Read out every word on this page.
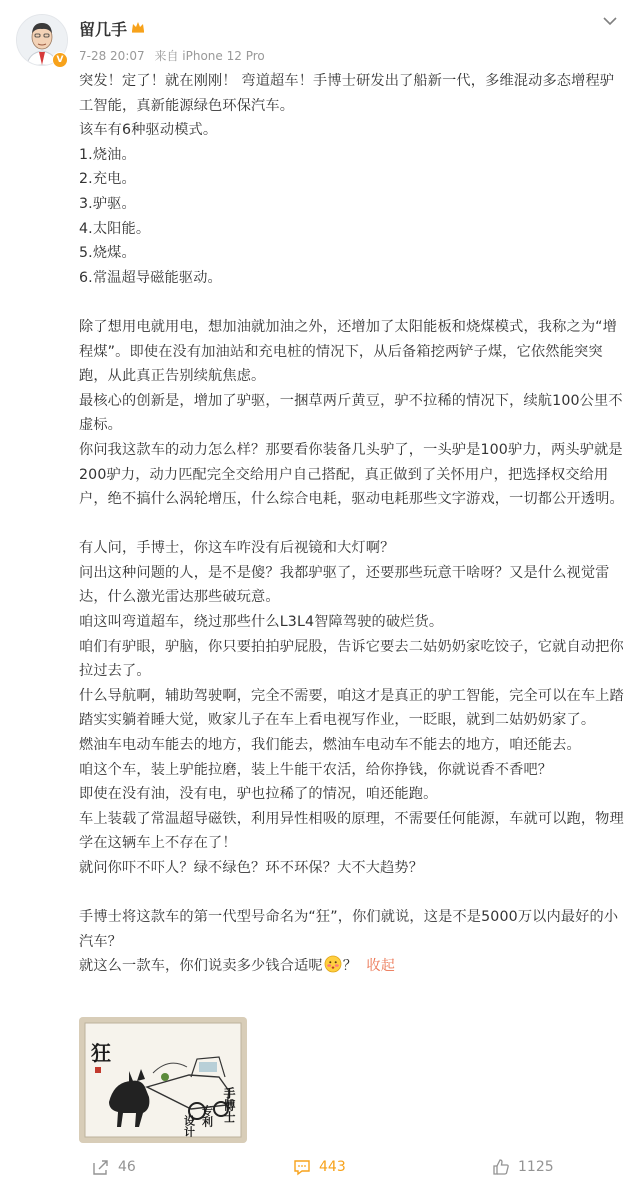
V
留几手
7-28 20:07 来自 iPhone 12 Pro

突发！定了！就在刚刚！ 弯道超车！手博士研发出了船新一代，多维混动多态增程驴工智能，真新能源绿色环保汽车。

该车有6种驱动模式。

1.烧油。

2.充电。

3.驴驱。

4.太阳能。

5.烧煤。

6.常温超导磁能驱动。

除了想用电就用电，想加油就加油之外，还增加了太阳能板和烧煤模式，我称之为“增程煤”。即使在没有加油站和充电桩的情况下，从后备箱挖两铲子煤，它依然能突突跑，从此真正告别续航焦虑。

最核心的创新是，增加了驴驱，一捆草两斤黄豆，驴不拉稀的情况下，续航100公里不虚标。

你问我这款车的动力怎么样？那要看你装备几头驴了，一头驴是100驴力，两头驴就是200驴力，动力匹配完全交给用户自己搭配，真正做到了关怀用户，把选择权交给用户，绝不搞什么涡轮增压，什么综合电耗，驱动电耗那些文字游戏，一切都公开透明。

有人问，手博士，你这车咋没有后视镜和大灯啊？

问出这种问题的人，是不是傻？我都驴驱了，还要那些玩意干啥呀？又是什么视觉雷达，什么激光雷达那些破玩意。

咱这叫弯道超车，绕过那些什么L3L4智障驾驶的破烂货。

咱们有驴眼，驴脑，你只要拍拍驴屁股，告诉它要去二姑奶奶家吃饺子，它就自动把你拉过去了。

什么导航啊，辅助驾驶啊，完全不需要，咱这才是真正的驴工智能，完全可以在车上踏踏实实躺着睡大觉，败家儿子在车上看电视写作业，一眨眼，就到二姑奶奶家了。

燃油车电动车能去的地方，我们能去，燃油车电动车不能去的地方，咱还能去。

咱这个车，装上驴能拉磨，装上牛能干农活，给你挣钱，你就说香不香吧？

即使在没有油，没有电，驴也拉稀了的情况，咱还能跑。

车上装载了常温超导磁铁，利用异性相吸的原理，不需要任何能源，车就可以跑，物理学在这辆车上不存在了！

就问你吓不吓人？绿不绿色？环不环保？大不大趋势？

手博士将这款车的第一代型号命名为“狂”，你们就说，这是不是5000万以内最好的小汽车？

就这么一款车，你们说卖多少钱合适呢 ？ 收起

狂
手博士
专利
设计
46	443	1125
